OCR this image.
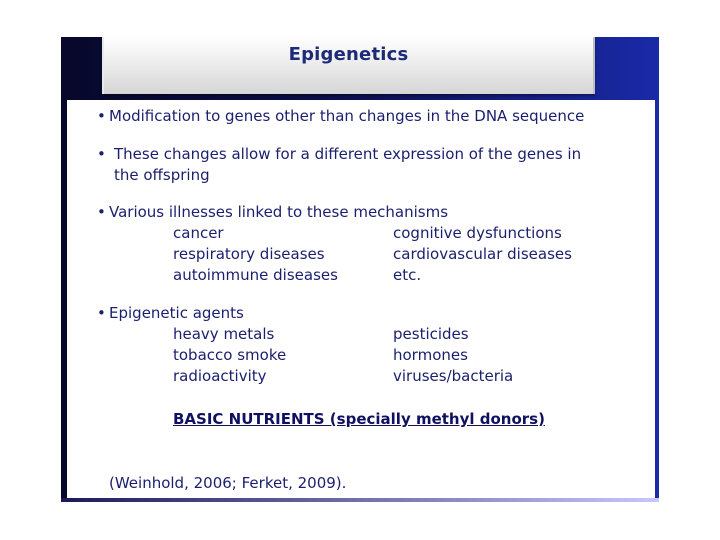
Epigenetics
• Modification to genes other than changes in the DNA sequence
• These changes allow for a different expression of the genes in
the offspring
• Various illnesses linked to these mechanisms
cancer
respiratory diseases
autoimmune diseases
cognitive dysfunctions
cardiovascular diseases
etc.
• Epigenetic agents
heavy metals
tobacco smoke
radioactivity
pesticides
hormones
viruses/bacteria
BASIC NUTRIENTS (specially methyl donors)
(Weinhold, 2006; Ferket, 2009).
